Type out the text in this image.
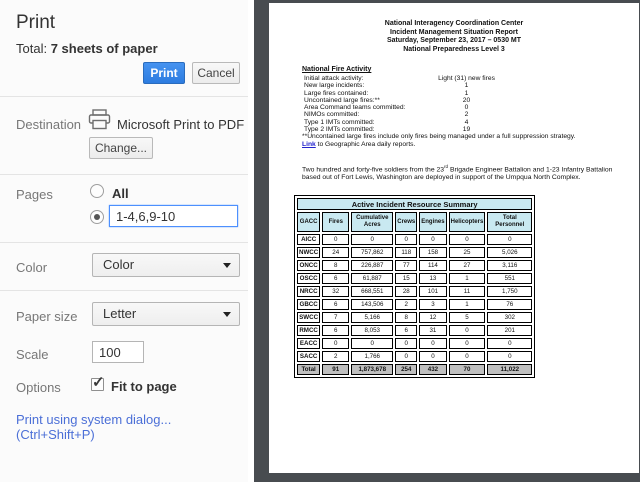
Print
Total: 7 sheets of paper
Print	Cancel
Destination	Microsoft Print to PDF
Change...
Pages	All
1-4,6,9-10
Color	Color
Paper size	Letter
Scale
100
Options ✓ Fit to page
Print using system dialog... (Ctrl+Shift+P)
National Interagency Coordination Center
Incident Management Situation Report
Saturday, September 23, 2017 – 0530 MT
National Preparedness Level 3
National Fire Activity
Initial attack activity:	Light (31) new fires
New large incidents:	1
Large fires contained:	1
Uncontained large fires:**	20
Area Command teams committed:	0
NIMOs committed:	2
Type 1 IMTs committed:	4
Type 2 IMTs committed:	19
**Uncontained large fires include only fires being managed under a full suppression strategy.
Link to Geographic Area daily reports.
Two hundred and forty-five soldiers from the 23rd Brigade Engineer Battalion and 1-23 Infantry Battalion based out of Fort Lewis, Washington are deployed in support of the Umpqua North Complex.
Active Incident Resource Summary						
GACC	Fires	Cumulative Acres	Crews	Engines	Helicopters	Total Personnel
AICC	0	0	0	0	0	0
NWCC	24	757,862	118	158	25	5,026
ONCC	8	226,887	77	114	27	3,116
OSCC	6	61,887	15	13	1	551
NRCC	32	668,551	28	101	11	1,750
GBCC	6	143,506	2	3	1	76
SWCC	7	5,166	8	12	5	302
RMCC	6	8,053	6	31	0	201
EACC	0	0	0	0	0	0
SACC	2	1,766	0	0	0	0
Total	91	1,873,678	254	432	70	11,022
